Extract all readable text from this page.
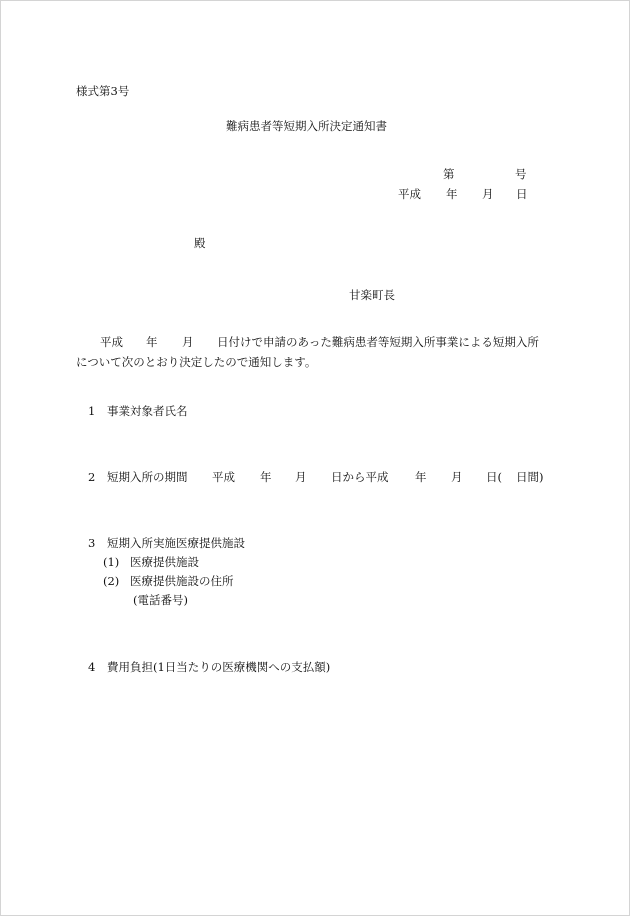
様式第3号
難病患者等短期入所決定通知書
第	号
平成 年 月 日
殿
甘楽町長
平成 年 月 日付けで申請のあった難病患者等短期入所事業による短期入所
について次のとおり決定したので通知します。
1 事業対象者氏名
2 短期入所の期間 平成 年 月 日から平成 年 月 日( 日間)
3 短期入所実施医療提供施設
(1) 医療提供施設
(2) 医療提供施設の住所
(電話番号)
4 費用負担(1日当たりの医療機関への支払額)
